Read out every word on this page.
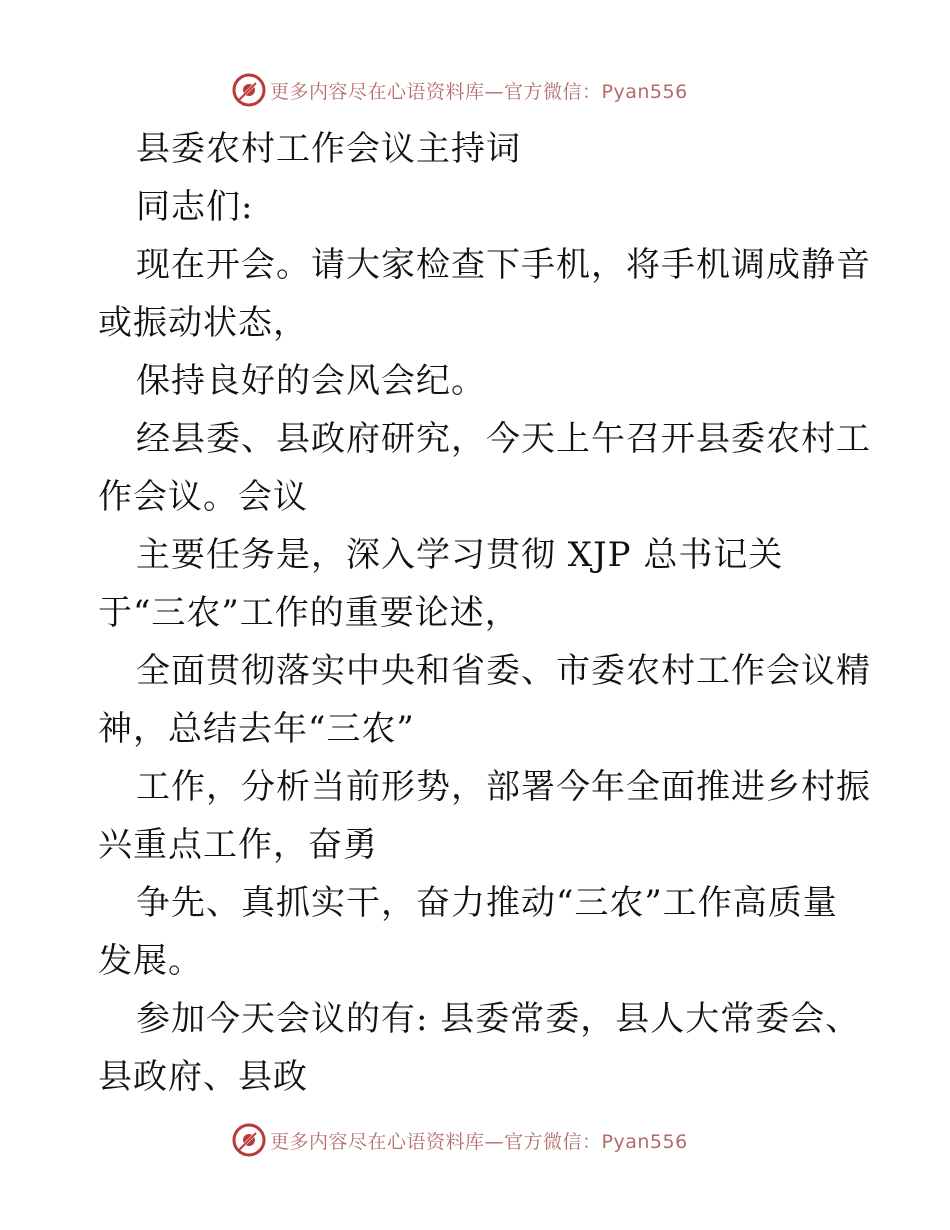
更多内容尽在心语资料库—官方微信：Pyan556
县委农村工作会议主持词
同志们:
现在开会。请大家检查下手机，将手机调成静音
或振动状态，
保持良好的会风会纪。
经县委、县政府研究，今天上午召开县委农村工
作会议。会议
主要任务是，深入学习贯彻 XJP 总书记关
于“三农”工作的重要论述，
全面贯彻落实中央和省委、市委农村工作会议精
神，总结去年“三农”
工作，分析当前形势，部署今年全面推进乡村振
兴重点工作，奋勇
争先、真抓实干，奋力推动“三农”工作高质量
发展。
参加今天会议的有: 县委常委，县人大常委会、
县政府、县政
更多内容尽在心语资料库—官方微信：Pyan556
